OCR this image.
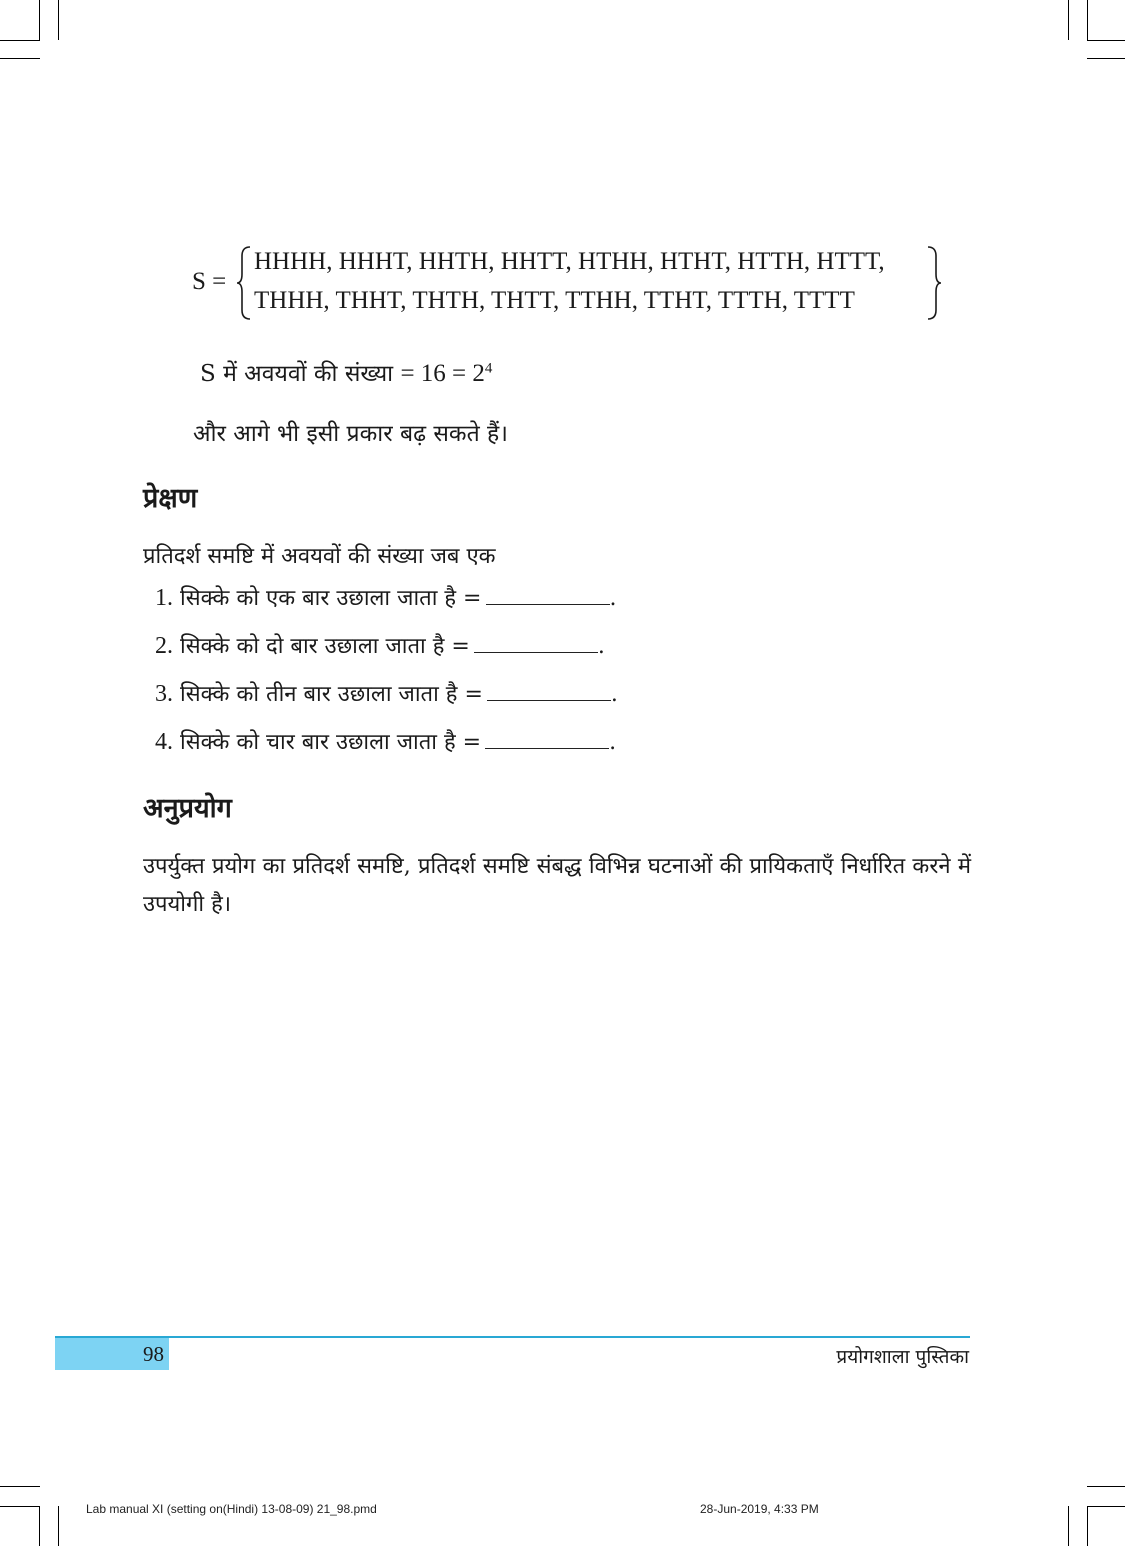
S =
HHHH, HHHT, HHTH, HHTT, HTHH, HTHT, HTTH, HTTT,
THHH, THHT, THTH, THTT, TTHH, TTHT, TTTH, TTTT
S में अवयवों की संख्या = $16 = 2^4$
और आगे भी इसी प्रकार बढ़ सकते हैं।
प्रेक्षण
प्रतिदर्श समष्टि में अवयवों की संख्या जब एक
1. सिक्के को एक बार उछाला जाता है =	.
2. सिक्के को दो बार उछाला जाता है =	.
3. सिक्के को तीन बार उछाला जाता है =	.
4. सिक्के को चार बार उछाला जाता है =	.
अनुप्रयोग
उपर्युक्त प्रयोग का प्रतिदर्श समष्टि, प्रतिदर्श समष्टि संबद्ध विभिन्न घटनाओं की प्रायिकताएँ निर्धारित करने में उपयोगी है।
98	प्रयोगशाला पुस्तिका
Lab manual XI (setting on(Hindi) 13-08-09) 21_98.pmd	28-Jun-2019, 4:33 PM
